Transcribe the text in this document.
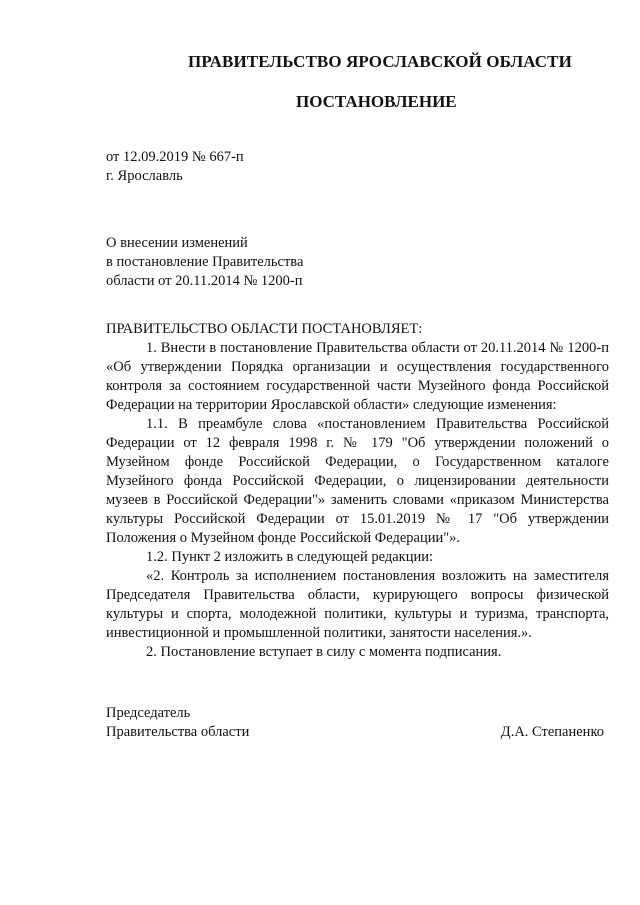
ПРАВИТЕЛЬСТВО ЯРОСЛАВСКОЙ ОБЛАСТИ
ПОСТАНОВЛЕНИЕ
от 12.09.2019 № 667-п
г. Ярославль
О внесении изменений
в постановление Правительства
области от 20.11.2014 № 1200-п
ПРАВИТЕЛЬСТВО ОБЛАСТИ ПОСТАНОВЛЯЕТ:

1. Внести в постановление Правительства области от 20.11.2014 № 1200-п «Об утверждении Порядка организации и осуществления государственного контроля за состоянием государственной части Музейного фонда Российской Федерации на территории Ярославской области» следующие изменения:

1.1. В преамбуле слова «постановлением Правительства Российской Федерации от 12 февраля 1998 г. № 179 "Об утверждении положений о Музейном фонде Российской Федерации, о Государственном каталоге Музейного фонда Российской Федерации, о лицензировании деятельности музеев в Российской Федерации"» заменить словами «приказом Министерства культуры Российской Федерации от 15.01.2019 № 17 "Об утверждении Положения о Музейном фонде Российской Федерации"».

1.2. Пункт 2 изложить в следующей редакции:

«2. Контроль за исполнением постановления возложить на заместителя Председателя Правительства области, курирующего вопросы физической культуры и спорта, молодежной политики, культуры и туризма, транспорта, инвестиционной и промышленной политики, занятости населения.».

2. Постановление вступает в силу с момента подписания.

Председатель
Правительства области	Д.А. Степаненко
